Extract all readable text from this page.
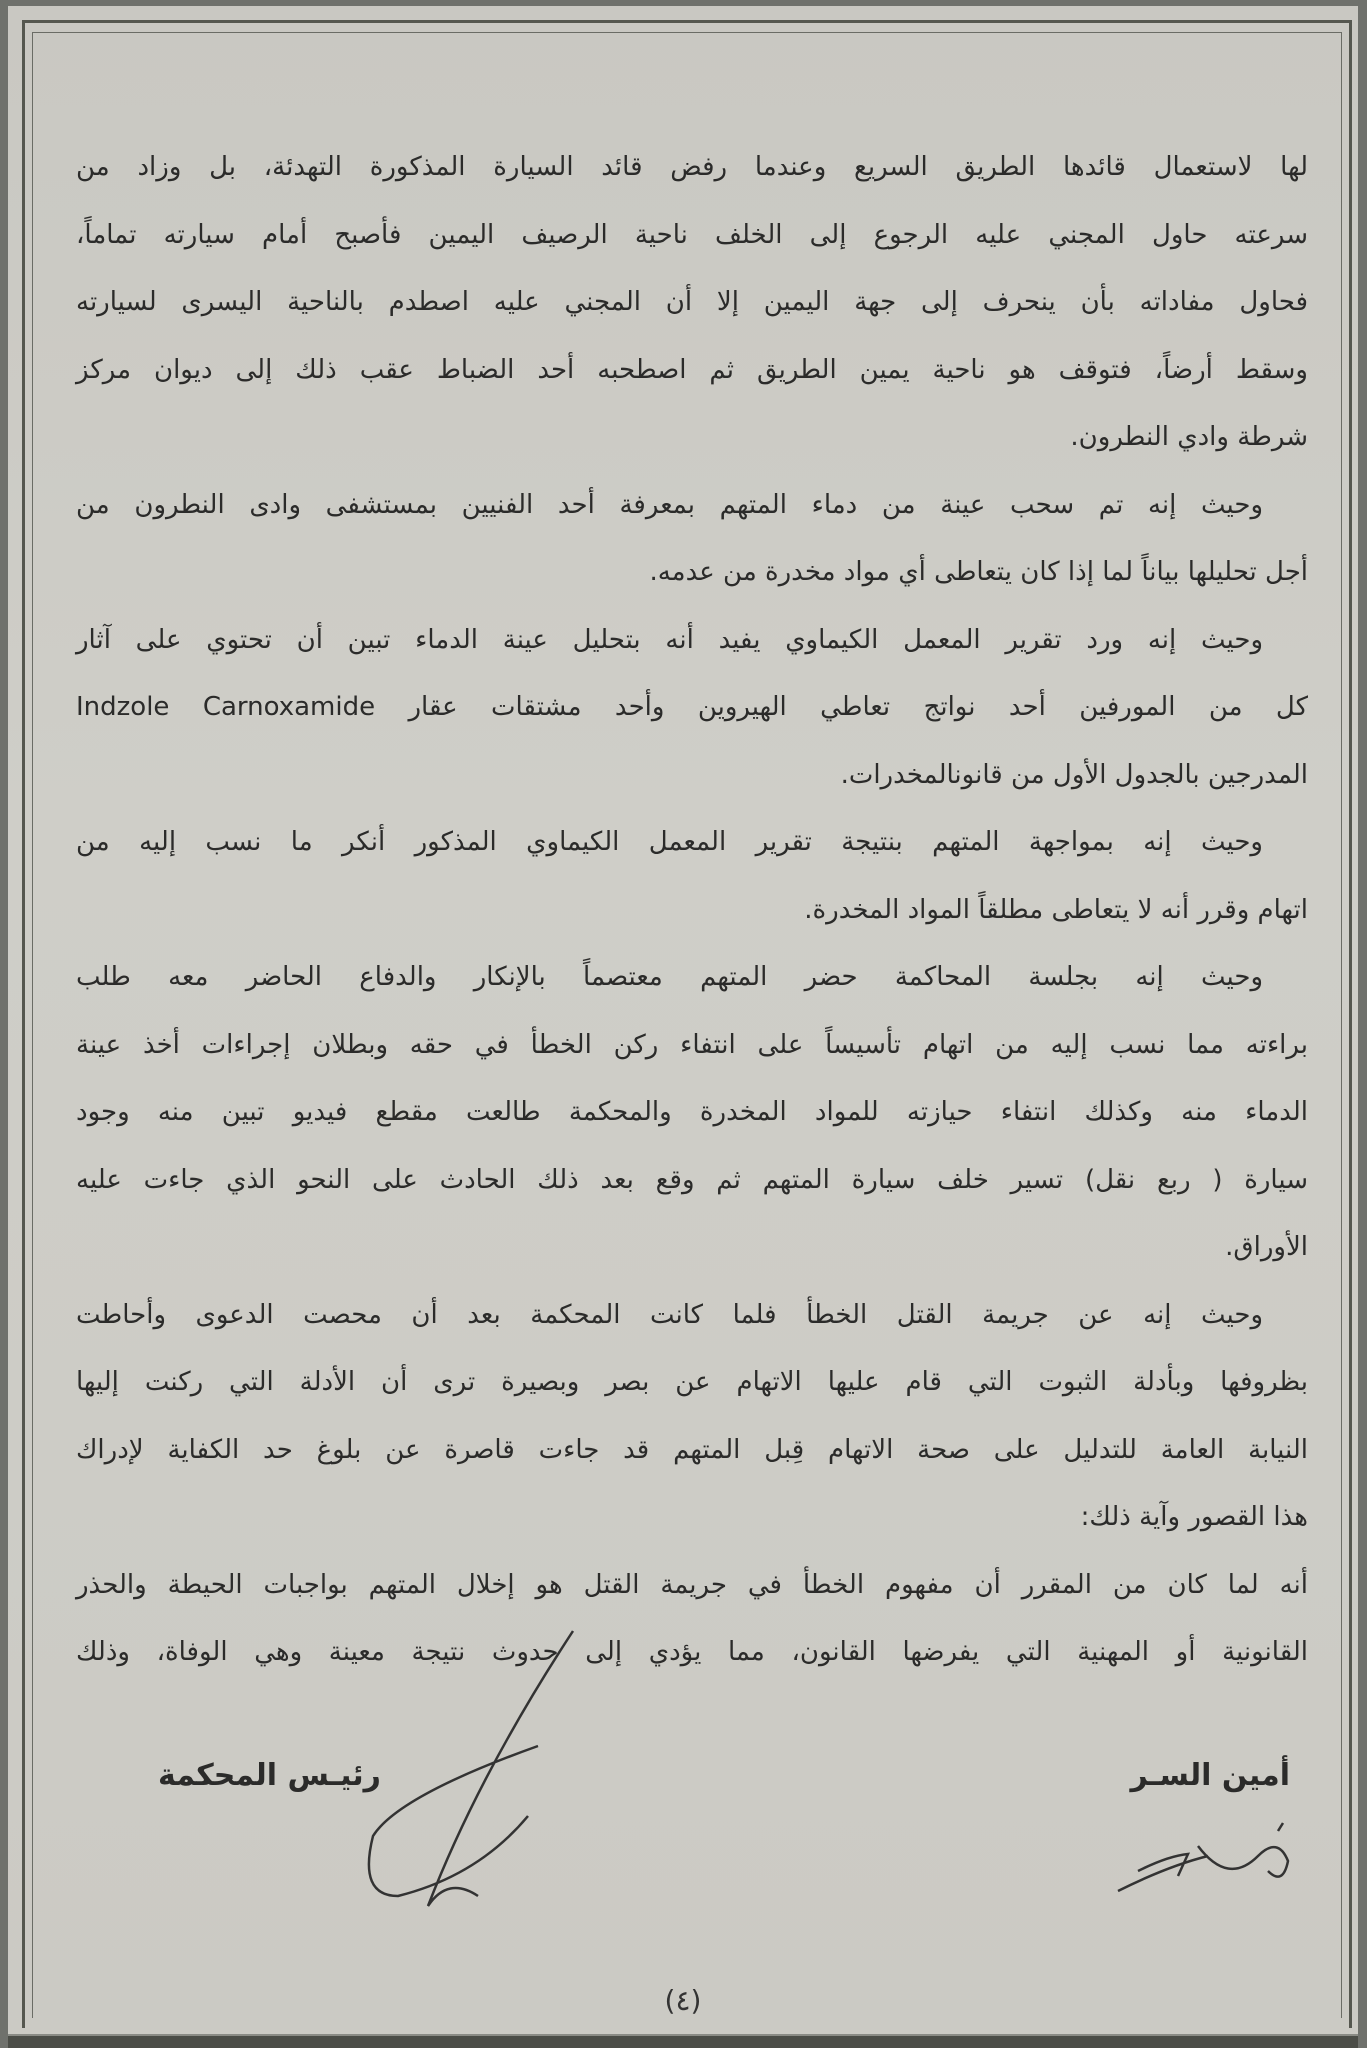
لها لاستعمال قائدها الطريق السريع وعندما رفض قائد السيارة المذكورة التهدئة، بل وزاد من
سرعته حاول المجني عليه الرجوع إلى الخلف ناحية الرصيف اليمين فأصبح أمام سيارته تماماً،
فحاول مفاداته بأن ينحرف إلى جهة اليمين إلا أن المجني عليه اصطدم بالناحية اليسرى لسيارته
وسقط أرضاً، فتوقف هو ناحية يمين الطريق ثم اصطحبه أحد الضباط عقب ذلك إلى ديوان مركز
شرطة وادي النطرون.
وحيث إنه تم سحب عينة من دماء المتهم بمعرفة أحد الفنيين بمستشفى وادى النطرون من
أجل تحليلها بياناً لما إذا كان يتعاطى أي مواد مخدرة من عدمه.
وحيث إنه ورد تقرير المعمل الكيماوي يفيد أنه بتحليل عينة الدماء تبين أن تحتوي على آثار
كل من المورفين أحد نواتج تعاطي الهيروين وأحد مشتقات عقار Indzole Carnoxamide
المدرجين بالجدول الأول من قانونالمخدرات.
وحيث إنه بمواجهة المتهم بنتيجة تقرير المعمل الكيماوي المذكور أنكر ما نسب إليه من
اتهام وقرر أنه لا يتعاطى مطلقاً المواد المخدرة.
وحيث إنه بجلسة المحاكمة حضر المتهم معتصماً بالإنكار والدفاع الحاضر معه طلب
براءته مما نسب إليه من اتهام تأسيساً على انتفاء ركن الخطأ في حقه وبطلان إجراءات أخذ عينة
الدماء منه وكذلك انتفاء حيازته للمواد المخدرة والمحكمة طالعت مقطع فيديو تبين منه وجود
سيارة ( ربع نقل) تسير خلف سيارة المتهم ثم وقع بعد ذلك الحادث على النحو الذي جاءت عليه
الأوراق.
وحيث إنه عن جريمة القتل الخطأ فلما كانت المحكمة بعد أن محصت الدعوى وأحاطت
بظروفها وبأدلة الثبوت التي قام عليها الاتهام عن بصر وبصيرة ترى أن الأدلة التي ركنت إليها
النيابة العامة للتدليل على صحة الاتهام قِبل المتهم قد جاءت قاصرة عن بلوغ حد الكفاية لإدراك
هذا القصور وآية ذلك:
أنه لما كان من المقرر أن مفهوم الخطأ في جريمة القتل هو إخلال المتهم بواجبات الحيطة والحذر
القانونية أو المهنية التي يفرضها القانون، مما يؤدي إلى حدوث نتيجة معينة وهي الوفاة، وذلك
أمين السـر
رئيـس المحكمة
(٤)
